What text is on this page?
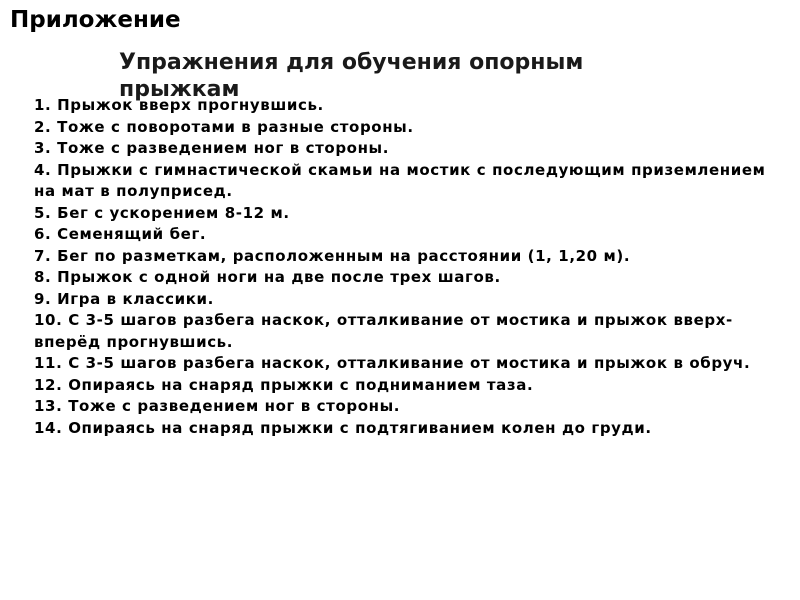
Приложение
Упражнения для обучения опорным прыжкам
1. Прыжок вверх прогнувшись.
2. Тоже с поворотами в разные стороны.
3. Тоже с разведением ног в стороны.
4. Прыжки с гимнастической скамьи на мостик с последующим приземлением на мат в полуприсед.
5. Бег с ускорением 8-12 м.
6. Семенящий бег.
7. Бег по разметкам, расположенным на расстоянии (1, 1,20 м).
8. Прыжок с одной ноги на две после трех шагов.
9. Игра в классики.
10. С 3-5 шагов разбега наскок, отталкивание от мостика и прыжок вверх-вперёд прогнувшись.
11. С 3-5 шагов разбега наскок, отталкивание от мостика и прыжок в обруч.
12. Опираясь на снаряд прыжки с подниманием таза.
13. Тоже с разведением ног в стороны.
14. Опираясь на снаряд прыжки с подтягиванием колен до груди.
